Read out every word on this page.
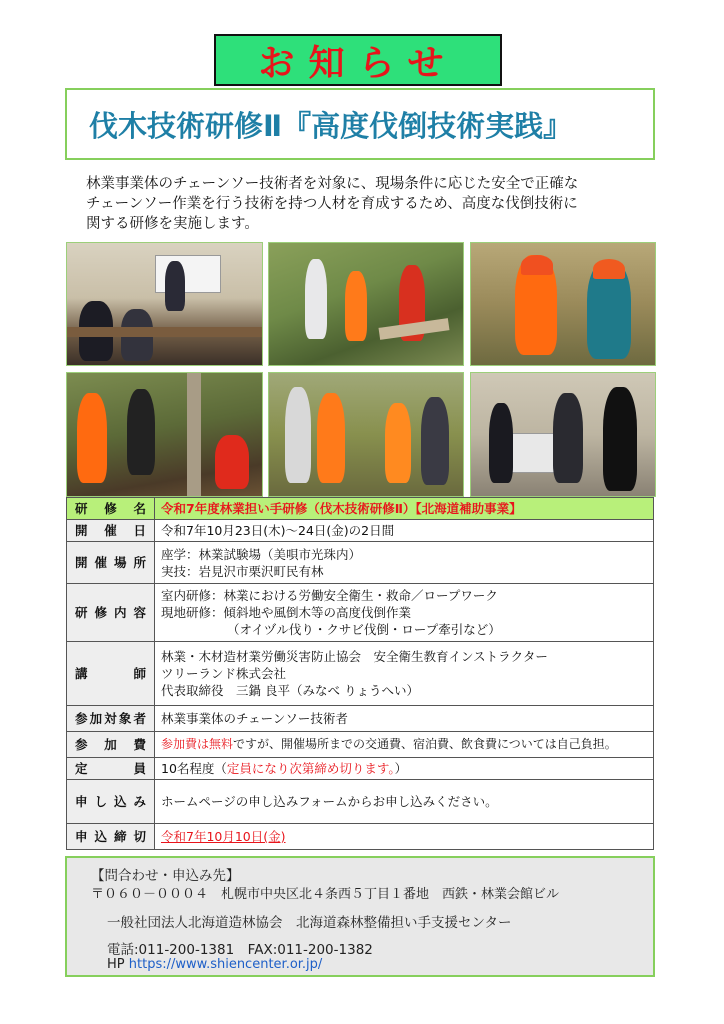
お知らせ
伐木技術研修Ⅱ『高度伐倒技術実践』
林業事業体のチェーンソー技術者を対象に、現場条件に応じた安全で正確な
チェーンソー作業を行う技術を持つ人材を育成するため、高度な伐倒技術に
関する研修を実施します。
研修名	令和7年度林業担い手研修（伐木技術研修Ⅱ）【北海道補助事業】
開催日	令和7年10月23日(木)～24日(金)の2日間
開催場所	座学：林業試験場（美唄市光珠内）
実技：岩見沢市栗沢町民有林

研修内容	室内研修：林業における労働安全衛生・救命／ロープワーク
現地研修：傾斜地や風倒木等の高度伐倒作業
（オイヅル伐り・クサビ伐倒・ロープ牽引など）

講師	林業・木材造材業労働災害防止協会　安全衛生教育インストラクター
ツリーランド株式会社
代表取締役　三鍋 良平（みなべ りょうへい）

参加対象者	林業事業体のチェーンソー技術者
参加費	参加費は無料ですが、開催場所までの交通費、宿泊費、飲食費については自己負担。
定員	10名程度（定員になり次第締め切ります。）
申し込み	ホームページの申し込みフォームからお申し込みください。
申込締切	令和7年10月10日(金)
【問合わせ・申込み先】
〒０６０－０００４　札幌市中央区北４条西５丁目１番地　西鉄・林業会館ビル
一般社団法人北海道造林協会　北海道森林整備担い手支援センター
電話:011-200-1381　FAX:011-200-1382
HP https://www.shiencenter.or.jp/
